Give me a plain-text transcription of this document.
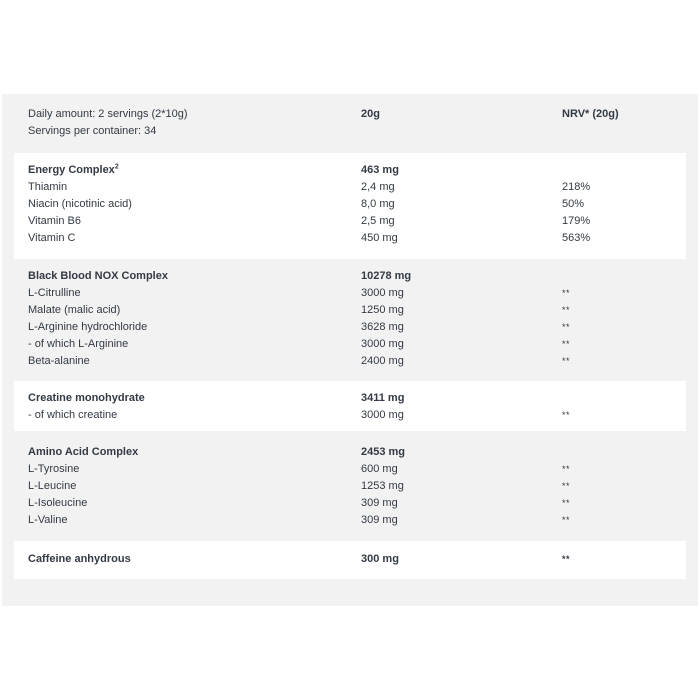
Daily amount: 2 servings (2*10g)	20g	NRV* (20g)
Servings per container: 34
Energy Complex$^2$	463 mg
Thiamin	2,4 mg	218%
Niacin (nicotinic acid)	8,0 mg	50%
Vitamin B6	2,5 mg	179%
Vitamin C	450 mg	563%
Black Blood NOX Complex	10278 mg
L-Citrulline	3000 mg	**
Malate (malic acid)	1250 mg	**
L-Arginine hydrochloride	3628 mg	**
- of which L-Arginine	3000 mg	**
Beta-alanine	2400 mg	**
Creatine monohydrate	3411 mg
- of which creatine	3000 mg	**
Amino Acid Complex	2453 mg
L-Tyrosine	600 mg	**
L-Leucine	1253 mg	**
L-Isoleucine	309 mg	**
L-Valine	309 mg	**
Caffeine anhydrous	300 mg	**
